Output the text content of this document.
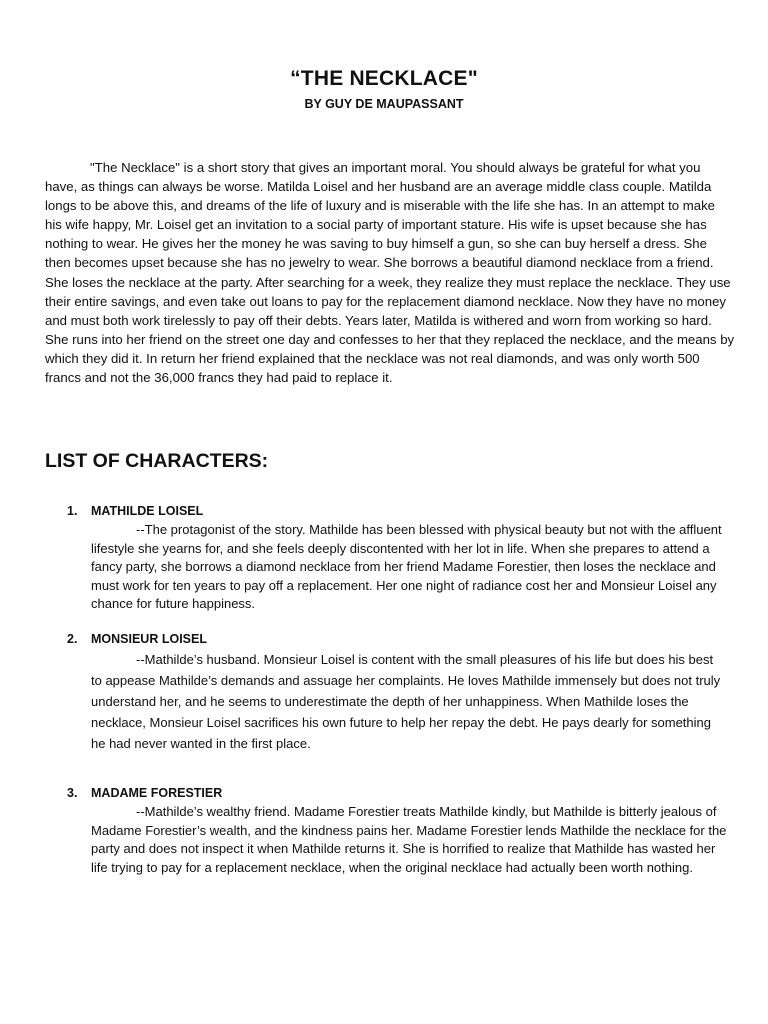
“THE NECKLACE"
BY GUY DE MAUPASSANT

"The Necklace" is a short story that gives an important moral. You should always be grateful for what you have, as things can always be worse. Matilda Loisel and her husband are an average middle class couple. Matilda longs to be above this, and dreams of the life of luxury and is miserable with the life she has. In an attempt to make his wife happy, Mr. Loisel get an invitation to a social party of important stature. His wife is upset because she has nothing to wear. He gives her the money he was saving to buy himself a gun, so she can buy herself a dress. She then becomes upset because she has no jewelry to wear. She borrows a beautiful diamond necklace from a friend. She loses the necklace at the party. After searching for a week, they realize they must replace the necklace. They use their entire savings, and even take out loans to pay for the replacement diamond necklace. Now they have no money and must both work tirelessly to pay off their debts. Years later, Matilda is withered and worn from working so hard. She runs into her friend on the street one day and confesses to her that they replaced the necklace, and the means by which they did it. In return her friend explained that the necklace was not real diamonds, and was only worth 500 francs and not the 36,000 francs they had paid to replace it.

LIST OF CHARACTERS:
1. MATHILDE LOISEL

--The protagonist of the story. Mathilde has been blessed with physical beauty but not with the affluent lifestyle she yearns for, and she feels deeply discontented with her lot in life. When she prepares to attend a fancy party, she borrows a diamond necklace from her friend Madame Forestier, then loses the necklace and must work for ten years to pay off a replacement. Her one night of radiance cost her and Monsieur Loisel any chance for future happiness.

2. MONSIEUR LOISEL

--Mathilde’s husband. Monsieur Loisel is content with the small pleasures of his life but does his best to appease Mathilde’s demands and assuage her complaints. He loves Mathilde immensely but does not truly understand her, and he seems to underestimate the depth of her unhappiness. When Mathilde loses the necklace, Monsieur Loisel sacrifices his own future to help her repay the debt. He pays dearly for something he had never wanted in the first place.

3. MADAME FORESTIER

--Mathilde’s wealthy friend. Madame Forestier treats Mathilde kindly, but Mathilde is bitterly jealous of Madame Forestier’s wealth, and the kindness pains her. Madame Forestier lends Mathilde the necklace for the party and does not inspect it when Mathilde returns it. She is horrified to realize that Mathilde has wasted her life trying to pay for a replacement necklace, when the original necklace had actually been worth nothing.
